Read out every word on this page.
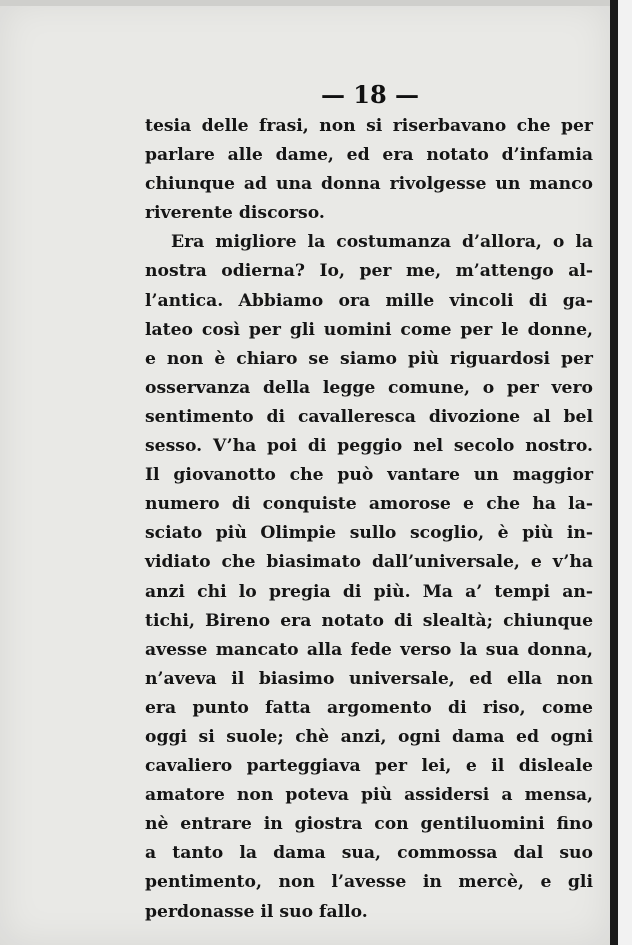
— 18 —
tesia delle frasi, non si riserbavano che per
parlare alle dame, ed era notato d’infamia
chiunque ad una donna rivolgesse un manco
riverente discorso.
Era migliore la costumanza d’allora, o la
nostra odierna? Io, per me, m’attengo al-
l’antica. Abbiamo ora mille vincoli di ga-
lateo così per gli uomini come per le donne,
e non è chiaro se siamo più riguardosi per
osservanza della legge comune, o per vero
sentimento di cavalleresca divozione al bel
sesso. V’ha poi di peggio nel secolo nostro.
Il giovanotto che può vantare un maggior
numero di conquiste amorose e che ha la-
sciato più Olimpie sullo scoglio, è più in-
vidiato che biasimato dall’universale, e v’ha
anzi chi lo pregia di più. Ma a’ tempi an-
tichi, Bireno era notato di slealtà; chiunque
avesse mancato alla fede verso la sua donna,
n’aveva il biasimo universale, ed ella non
era punto fatta argomento di riso, come
oggi si suole; chè anzi, ogni dama ed ogni
cavaliero parteggiava per lei, e il disleale
amatore non poteva più assidersi a mensa,
nè entrare in giostra con gentiluomini fino
a tanto la dama sua, commossa dal suo
pentimento, non l’avesse in mercè, e gli
perdonasse il suo fallo.
